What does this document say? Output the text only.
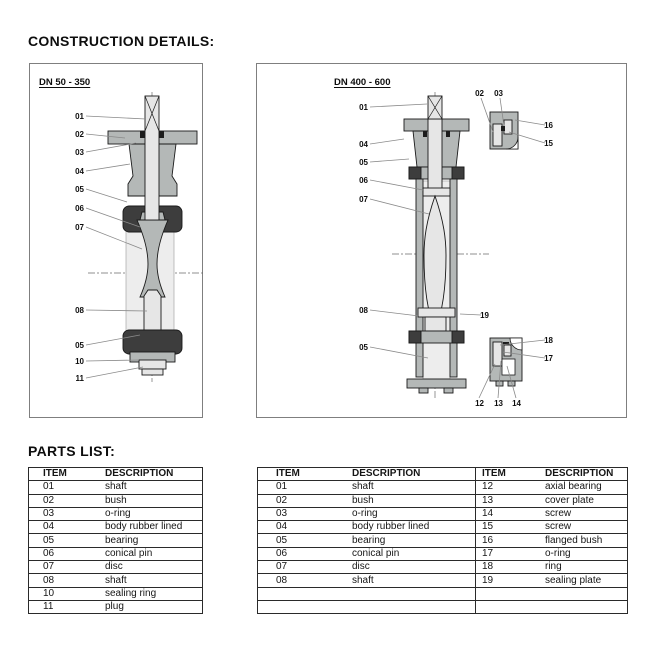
CONSTRUCTION DETAILS:
DN 50 - 350
01
02
03
04
05
06
07
08
05
10
11
DN 400 - 600
01
04
05
06
07
08
05
02	03
16
15
19
18
17
12	13	14
PARTS LIST:
ITEM	DESCRIPTION
01	shaft
02	bush
03	o-ring
04	body rubber lined
05	bearing
06	conical pin
07	disc
08	shaft
10	sealing ring
11	plug
ITEM	DESCRIPTION	ITEM	DESCRIPTION
01	shaft	12	axial bearing
02	bush	13	cover plate
03	o-ring	14	screw
04	body rubber lined	15	screw
05	bearing	16	flanged bush
06	conical pin	17	o-ring
07	disc	18	ring
08	shaft	19	sealing plate
